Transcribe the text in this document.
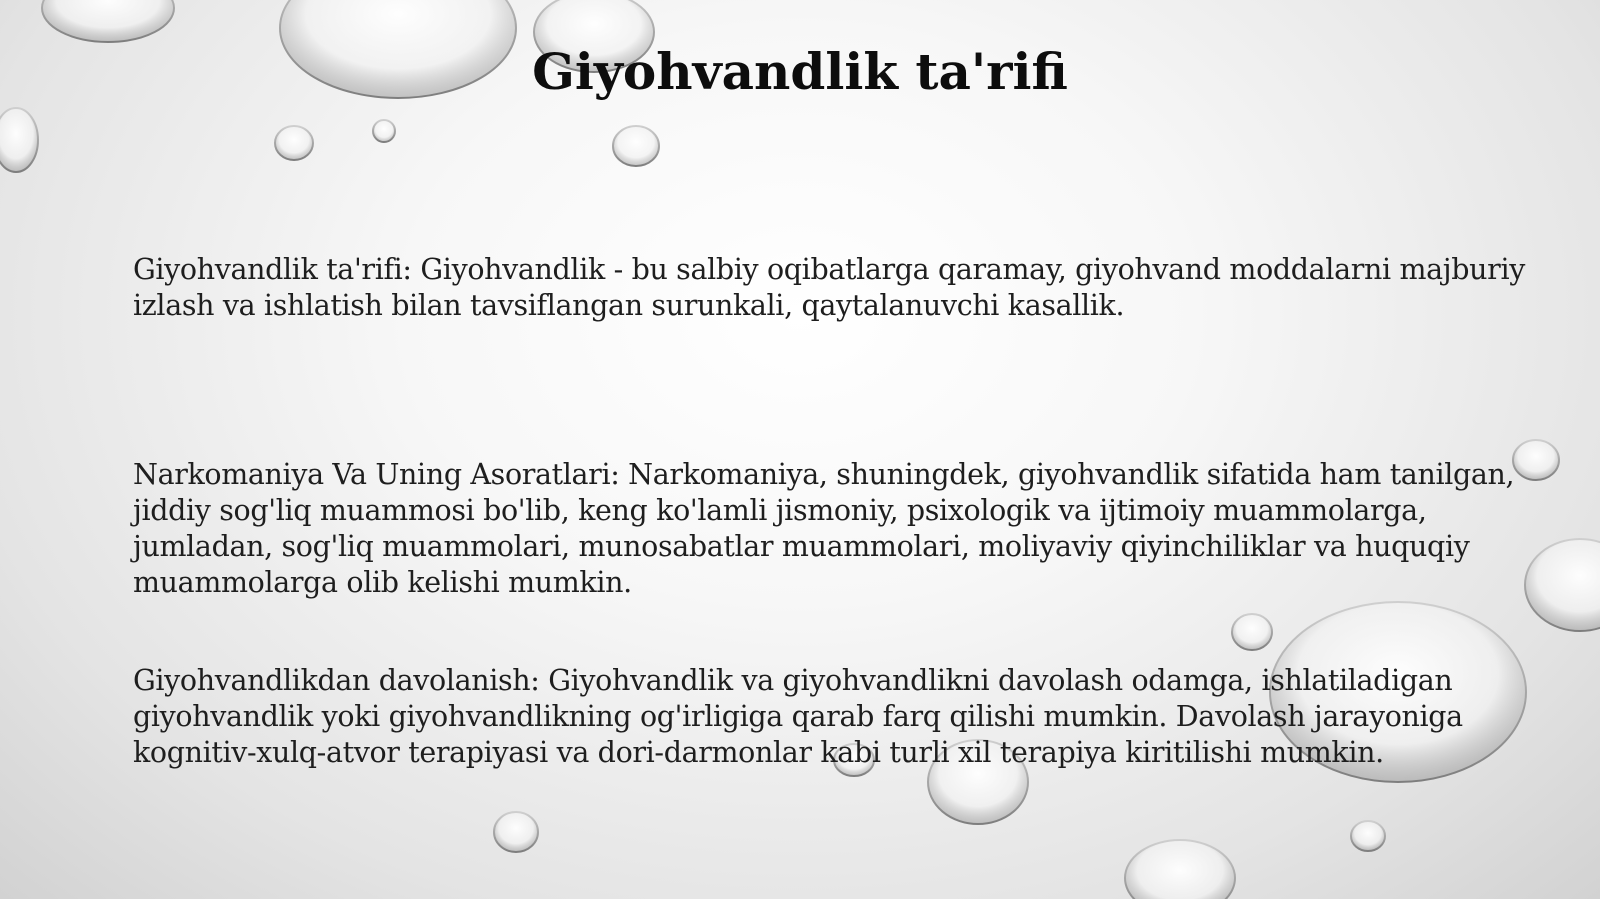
Giyohvandlik ta'rifi

Giyohvandlik ta'rifi: Giyohvandlik - bu salbiy oqibatlarga qaramay, giyohvand moddalarni majburiy izlash va ishlatish bilan tavsiflangan surunkali, qaytalanuvchi kasallik.

Narkomaniya Va Uning Asoratlari: Narkomaniya, shuningdek, giyohvandlik sifatida ham tanilgan, jiddiy sog'liq muammosi bo'lib, keng ko'lamli jismoniy, psixologik va ijtimoiy muammolarga, jumladan, sog'liq muammolari, munosabatlar muammolari, moliyaviy qiyinchiliklar va huquqiy muammolarga olib kelishi mumkin.

Giyohvandlikdan davolanish: Giyohvandlik va giyohvandlikni davolash odamga, ishlatiladigan giyohvandlik yoki giyohvandlikning og'irligiga qarab farq qilishi mumkin. Davolash jarayoniga kognitiv-xulq-atvor terapiyasi va dori-darmonlar kabi turli xil terapiya kiritilishi mumkin.
